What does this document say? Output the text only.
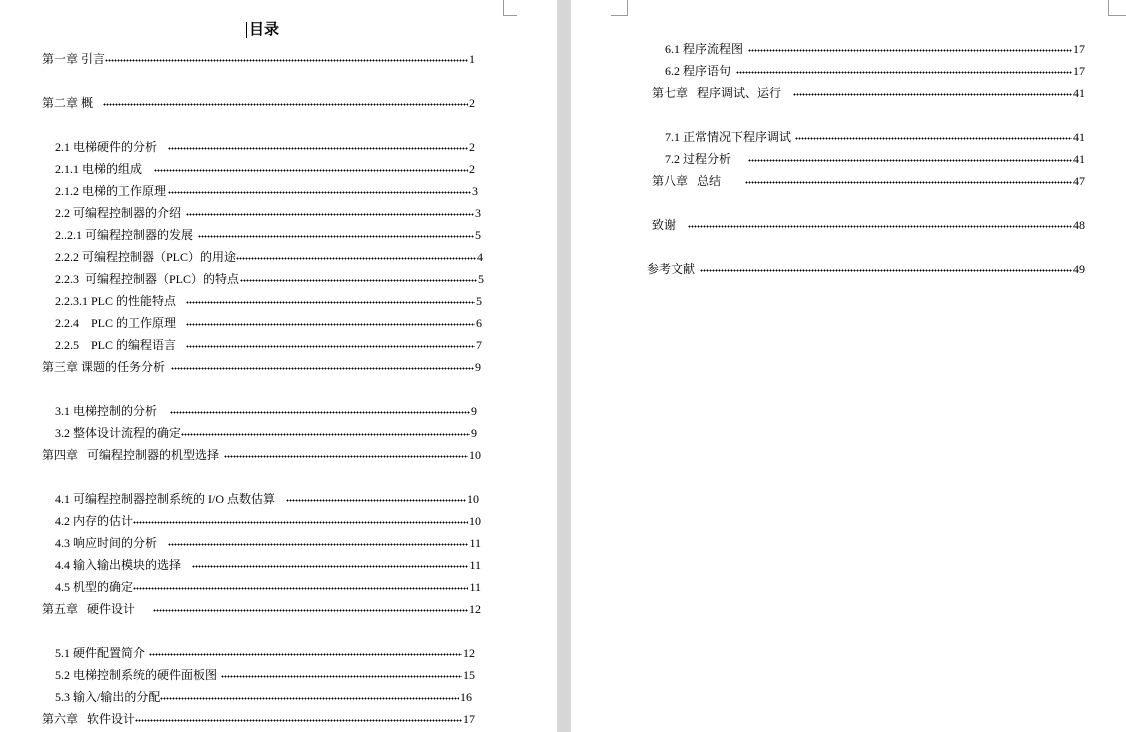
目录
第一章 引言	1
第二章 概	2
2.1 电梯硬件的分析	2
2.1.1 电梯的组成	2
2.1.2 电梯的工作原理	3
2.2 可编程控制器的介绍	3
2..2.1 可编程控制器的发展	5
2.2.2 可编程控制器（PLC）的用途	4
2.2.3  可编程控制器（PLC）的特点	5
2.2.3.1 PLC 的性能特点	5
2.2.4    PLC 的工作原理	6
2.2.5    PLC 的编程语言	7
第三章 课题的任务分析	9
3.1 电梯控制的分析	9
3.2 整体设计流程的确定	9
第四章   可编程控制器的机型选择	10
4.1 可编程控制器控制系统的 I/O 点数估算	10
4.2 内存的估计	10
4.3 响应时间的分析	11
4.4 输入输出模块的选择	11
4.5 机型的确定	11
第五章   硬件设计	12
5.1 硬件配置简介	12
5.2 电梯控制系统的硬件面板图	15
5.3 输入/输出的分配	16
第六章   软件设计	17
6.1 程序流程图	17
6.2 程序语句	17
第七章   程序调试、运行	41
7.1 正常情况下程序调试	41
7.2 过程分析	41
第八章   总结	47
致谢	48
参考文献	49
